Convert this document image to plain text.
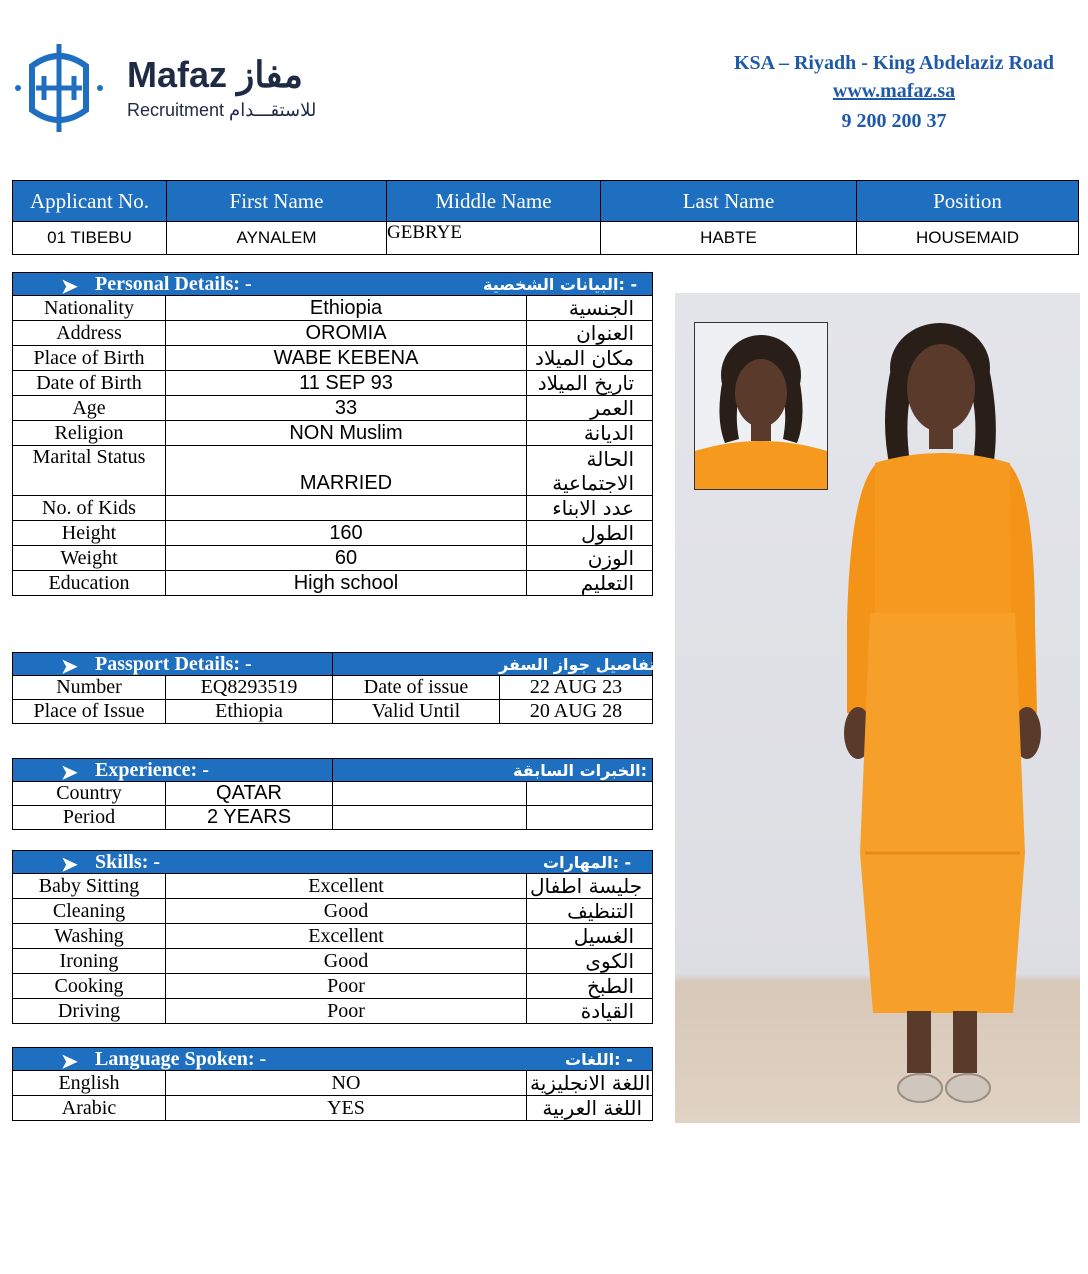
Mafaz مفاز
Recruitment للاستقـــدام
KSA – Riyadh - King Abdelaziz Road
www.mafaz.sa
9 200 200 37
Applicant No.	First Name	Middle Name	Last Name	Position
01 TIBEBU	AYNALEM	GEBRYE	HABTE	HOUSEMAID
➤ Personal Details: - البيانات الشخصية: -		

Nationality	Ethiopia	الجنسية
Address	OROMIA	العنوان
Place of Birth	WABE KEBENA	مكان الميلاد
Date of Birth	11 SEP 93	تاريخ الميلاد
Age	33	العمر
Religion	NON Muslim	الديانة
Marital Status	MARRIED	الحالة
الاجتماعية

No. of Kids		عدد الابناء
Height	160	الطول
Weight	60	الوزن
Education	High school	التعليم
➤ Passport Details: -		تفاصيل جواز السفر: -	

Number	EQ8293519	Date of issue	22 AUG 23
Place of Issue	Ethiopia	Valid Until	20 AUG 28
➤ Experience: -		الخبرات السابقة: -	

Country	QATAR		
Period	2 YEARS		
➤ Skills: - المهارات: -		

Baby Sitting	Excellent	جليسة اطفال
Cleaning	Good	التنظيف
Washing	Excellent	الغسيل
Ironing	Good	الكوى
Cooking	Poor	الطبخ
Driving	Poor	القيادة
➤ Language Spoken: - اللغات: -		

English	NO	اللغة الانجليزية
Arabic	YES	اللغة العربية
